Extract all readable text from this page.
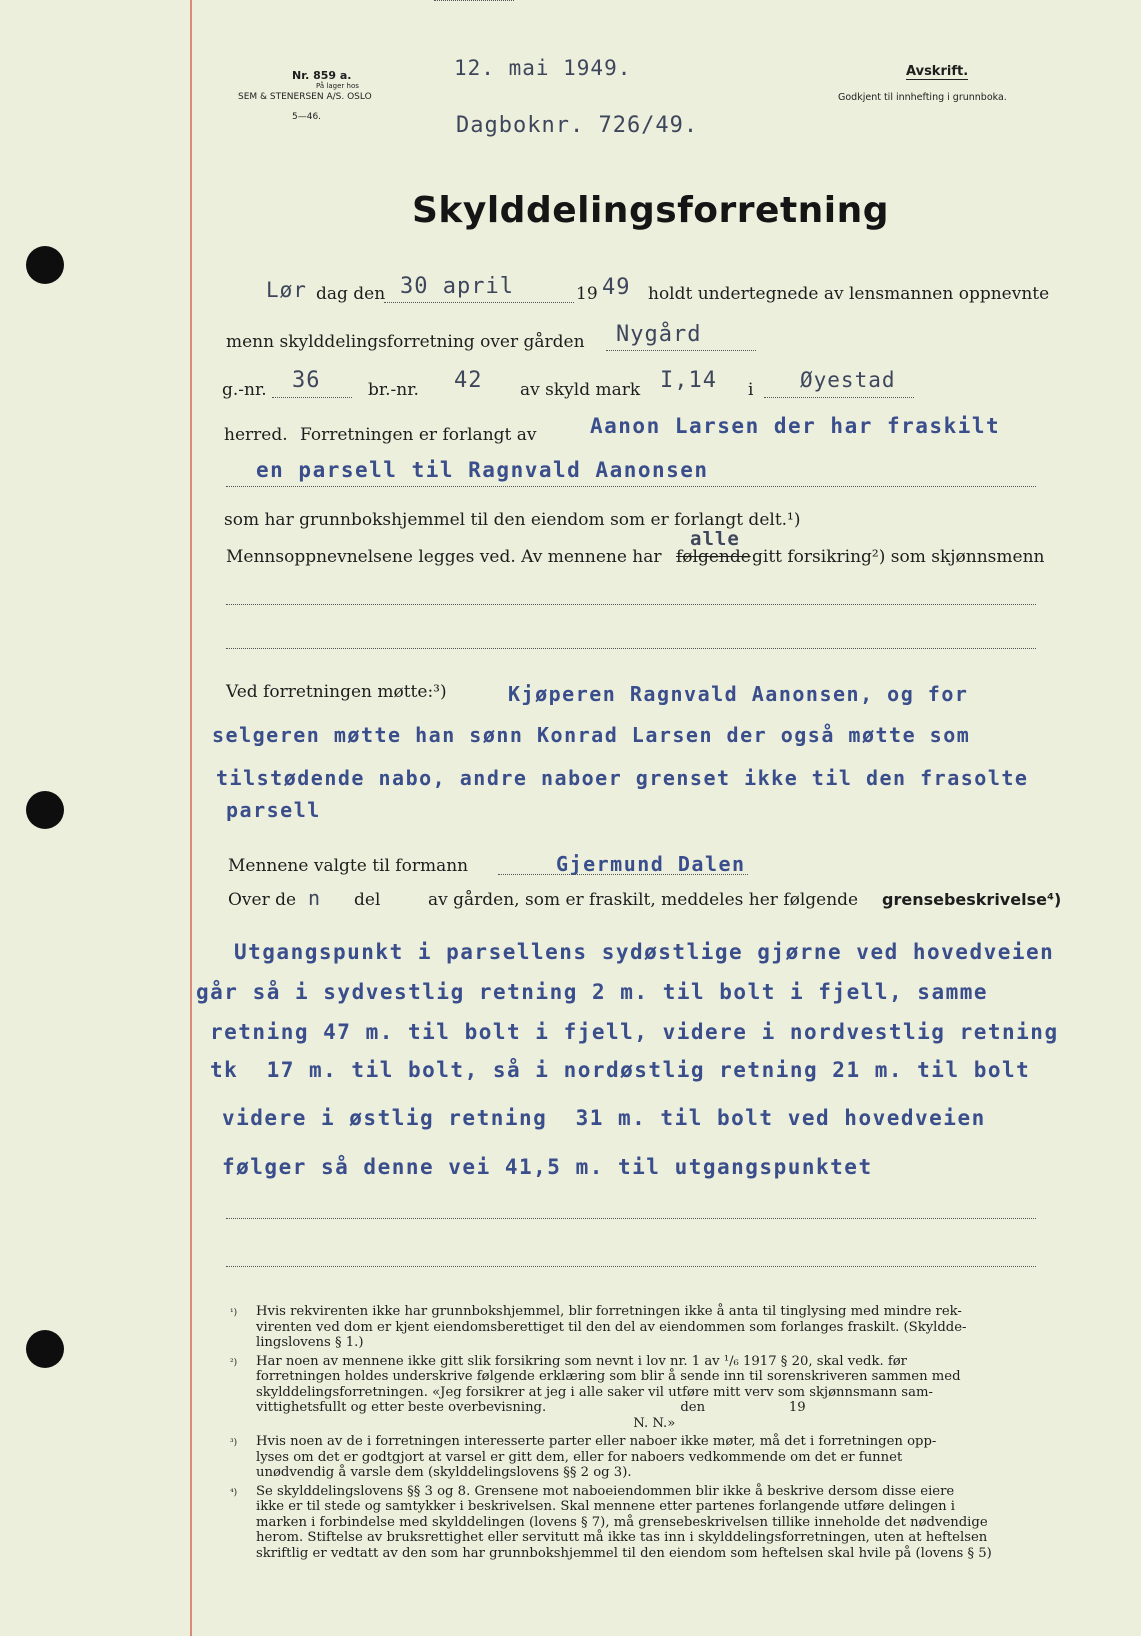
Nr. 859 a.
På lager hos
SEM & STENERSEN A/S. OSLO
5—46.
12. mai 1949.
Dagboknr. 726/49.
Avskrift.
Godkjent til innhefting i grunnboka.
Skylddelingsforretning
Lør dag den 30 april	19 49 holdt undertegnede av lensmannen oppnevnte
menn skylddelingsforretning over gården Nygård
g.-nr. 36	br.-nr. 42 av skyld mark I,14 i Øyestad
herred. Forretningen er forlangt av	Aanon Larsen der har fraskilt
en parsell til Ragnvald Aanonsen
som har grunnbokshjemmel til den eiendom som er forlangt delt.¹)
Mennsoppnevnelsene legges ved. Av mennene har følgende
alle
gitt forsikring²) som skjønnsmenn
Ved forretningen møtte:³)	Kjøperen Ragnvald Aanonsen, og for
selgeren møtte han sønn Konrad Larsen der også møtte som
tilstødende nabo, andre naboer grenset ikke til den frasolte
parsell
Mennene valgte til formann	Gjermund Dalen
Over de n del	av gården, som er fraskilt, meddeles her følgende grensebeskrivelse⁴)
Utgangspunkt i parsellens sydøstlige gjørne ved hovedveien
går så i sydvestlig retning 2 m. til bolt i fjell, samme
retning 47 m. til bolt i fjell, videre i nordvestlig retning
tk  17 m. til bolt, så i nordøstlig retning 21 m. til bolt
videre i østlig retning  31 m. til bolt ved hovedveien
følger så denne vei 41,5 m. til utgangspunktet
¹) Hvis rekvirenten ikke har grunnbokshjemmel, blir forretningen ikke å anta til tinglysing med mindre rek-
virenten ved dom er kjent eiendomsberettiget til den del av eiendommen som forlanges fraskilt. (Skyldde-
lingslovens § 1.)
²) Har noen av mennene ikke gitt slik forsikring som nevnt i lov nr. 1 av ¹/₆ 1917 § 20, skal vedk. før
forretningen holdes underskrive følgende erklæring som blir å sende inn til sorenskriveren sammen med
skylddelingsforretningen. «Jeg forsikrer at jeg i alle saker vil utføre mitt verv som skjønnsmann sam-
vittighetsfullt og etter beste overbevisning.                                den                    19
N. N.»
³) Hvis noen av de i forretningen interesserte parter eller naboer ikke møter, må det i forretningen opp-
lyses om det er godtgjort at varsel er gitt dem, eller for naboers vedkommende om det er funnet
unødvendig å varsle dem (skylddelingslovens §§ 2 og 3).
⁴) Se skylddelingslovens §§ 3 og 8. Grensene mot naboeiendommen blir ikke å beskrive dersom disse eiere
ikke er til stede og samtykker i beskrivelsen. Skal mennene etter partenes forlangende utføre delingen i
marken i forbindelse med skylddelingen (lovens § 7), må grensebeskrivelsen tillike inneholde det nødvendige
herom. Stiftelse av bruksrettighet eller servitutt må ikke tas inn i skylddelingsforretningen, uten at heftelsen
skriftlig er vedtatt av den som har grunnbokshjemmel til den eiendom som heftelsen skal hvile på (lovens § 5)
